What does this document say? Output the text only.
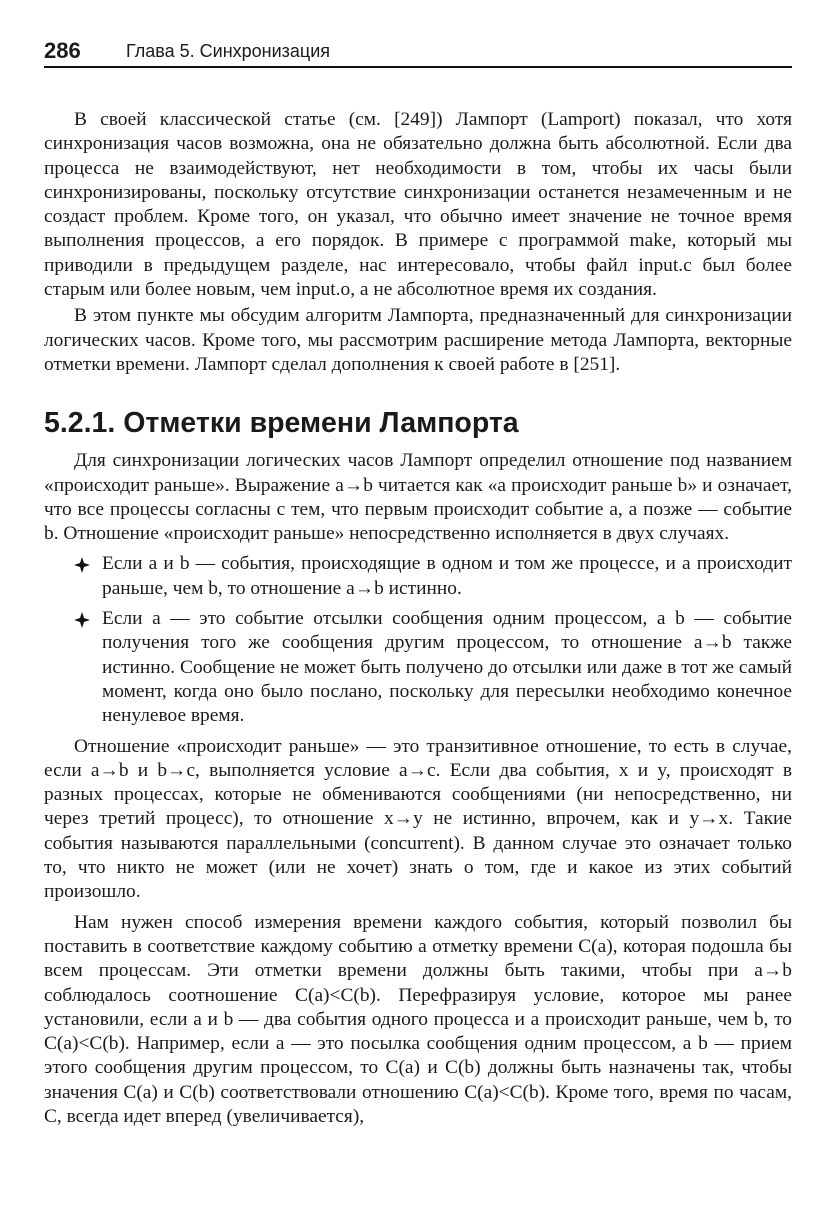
286	Глава 5. Синхронизация

В своей классической статье (см. [249]) Лампорт (Lamport) показал, что хотя синхронизация часов возможна, она не обязательно должна быть абсолютной. Если два процесса не взаимодействуют, нет необходимости в том, чтобы их часы были синхронизированы, поскольку отсутствие синхронизации останется незамеченным и не создаст проблем. Кроме того, он указал, что обычно имеет значение не точное время выполнения процессов, а его порядок. В примере с программой make, который мы приводили в предыдущем разделе, нас интересовало, чтобы файл input.c был более старым или более новым, чем input.o, а не абсолютное время их создания.

В этом пункте мы обсудим алгоритм Лампорта, предназначенный для синхронизации логических часов. Кроме того, мы рассмотрим расширение метода Лампорта, векторные отметки времени. Лампорт сделал дополнения к своей работе в [251].

5.2.1. Отметки времени Лампорта

Для синхронизации логических часов Лампорт определил отношение под названием «происходит раньше». Выражение a→b читается как «a происходит раньше b» и означает, что все процессы согласны с тем, что первым происходит событие a, а позже — событие b. Отношение «происходит раньше» непосредственно исполняется в двух случаях.

Если a и b — события, происходящие в одном и том же процессе, и a происходит раньше, чем b, то отношение a→b истинно.
Если a — это событие отсылки сообщения одним процессом, а b — событие получения того же сообщения другим процессом, то отношение a→b также истинно. Сообщение не может быть получено до отсылки или даже в тот же самый момент, когда оно было послано, поскольку для пересылки необходимо конечное ненулевое время.

Отношение «происходит раньше» — это транзитивное отношение, то есть в случае, если a→b и b→c, выполняется условие a→c. Если два события, x и y, происходят в разных процессах, которые не обмениваются сообщениями (ни непосредственно, ни через третий процесс), то отношение x→y не истинно, впрочем, как и y→x. Такие события называются параллельными (concurrent). В данном случае это означает только то, что никто не может (или не хочет) знать о том, где и какое из этих событий произошло.

Нам нужен способ измерения времени каждого события, который позволил бы поставить в соответствие каждому событию a отметку времени C(a), которая подошла бы всем процессам. Эти отметки времени должны быть такими, чтобы при a→b соблюдалось соотношение C(a)<C(b). Перефразируя условие, которое мы ранее установили, если a и b — два события одного процесса и a происходит раньше, чем b, то C(a)<C(b). Например, если a — это посылка сообщения одним процессом, а b — прием этого сообщения другим процессом, то C(a) и C(b) должны быть назначены так, чтобы значения C(a) и C(b) соответствовали отношению C(a)<C(b). Кроме того, время по часам, C, всегда идет вперед (увеличивается),
